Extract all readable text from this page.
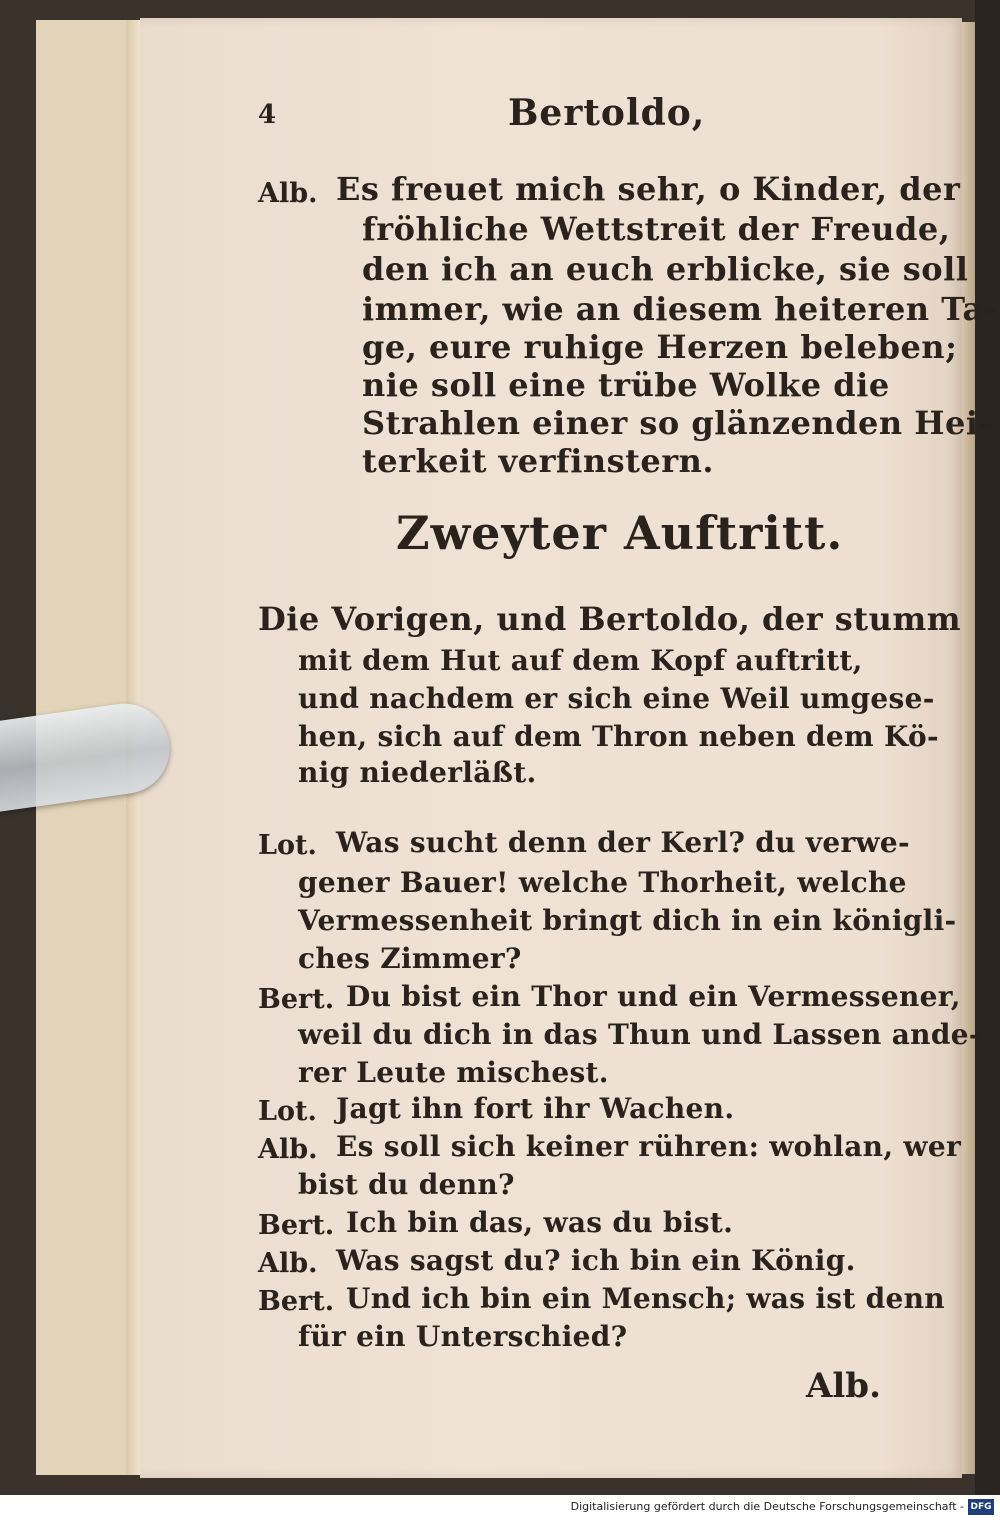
4	Bertoldo,
Alb. Es freuet mich sehr, o Kinder, der
fröhliche Wettstreit der Freude,
den ich an euch erblicke, sie soll
immer, wie an diesem heiteren Ta-
ge, eure ruhige Herzen beleben;
nie soll eine trübe Wolke die
Strahlen einer so glänzenden Hei-
terkeit verfinstern.
Zweyter Auftritt.
Die Vorigen, und Bertoldo, der stumm
mit dem Hut auf dem Kopf auftritt,
und nachdem er sich eine Weil umgese-
hen, sich auf dem Thron neben dem Kö-
nig niederläßt.
Lot. Was sucht denn der Kerl? du verwe-
gener Bauer! welche Thorheit, welche
Vermessenheit bringt dich in ein königli-
ches Zimmer?
Bert. Du bist ein Thor und ein Vermessener,
weil du dich in das Thun und Lassen ande-
rer Leute mischest.
Lot. Jagt ihn fort ihr Wachen.
Alb. Es soll sich keiner rühren: wohlan, wer
bist du denn?
Bert. Ich bin das, was du bist.
Alb. Was sagst du? ich bin ein König.
Bert. Und ich bin ein Mensch; was ist denn
für ein Unterschied?
Alb.
Digitalisierung gefördert durch die Deutsche Forschungsgemeinschaft - DFG
